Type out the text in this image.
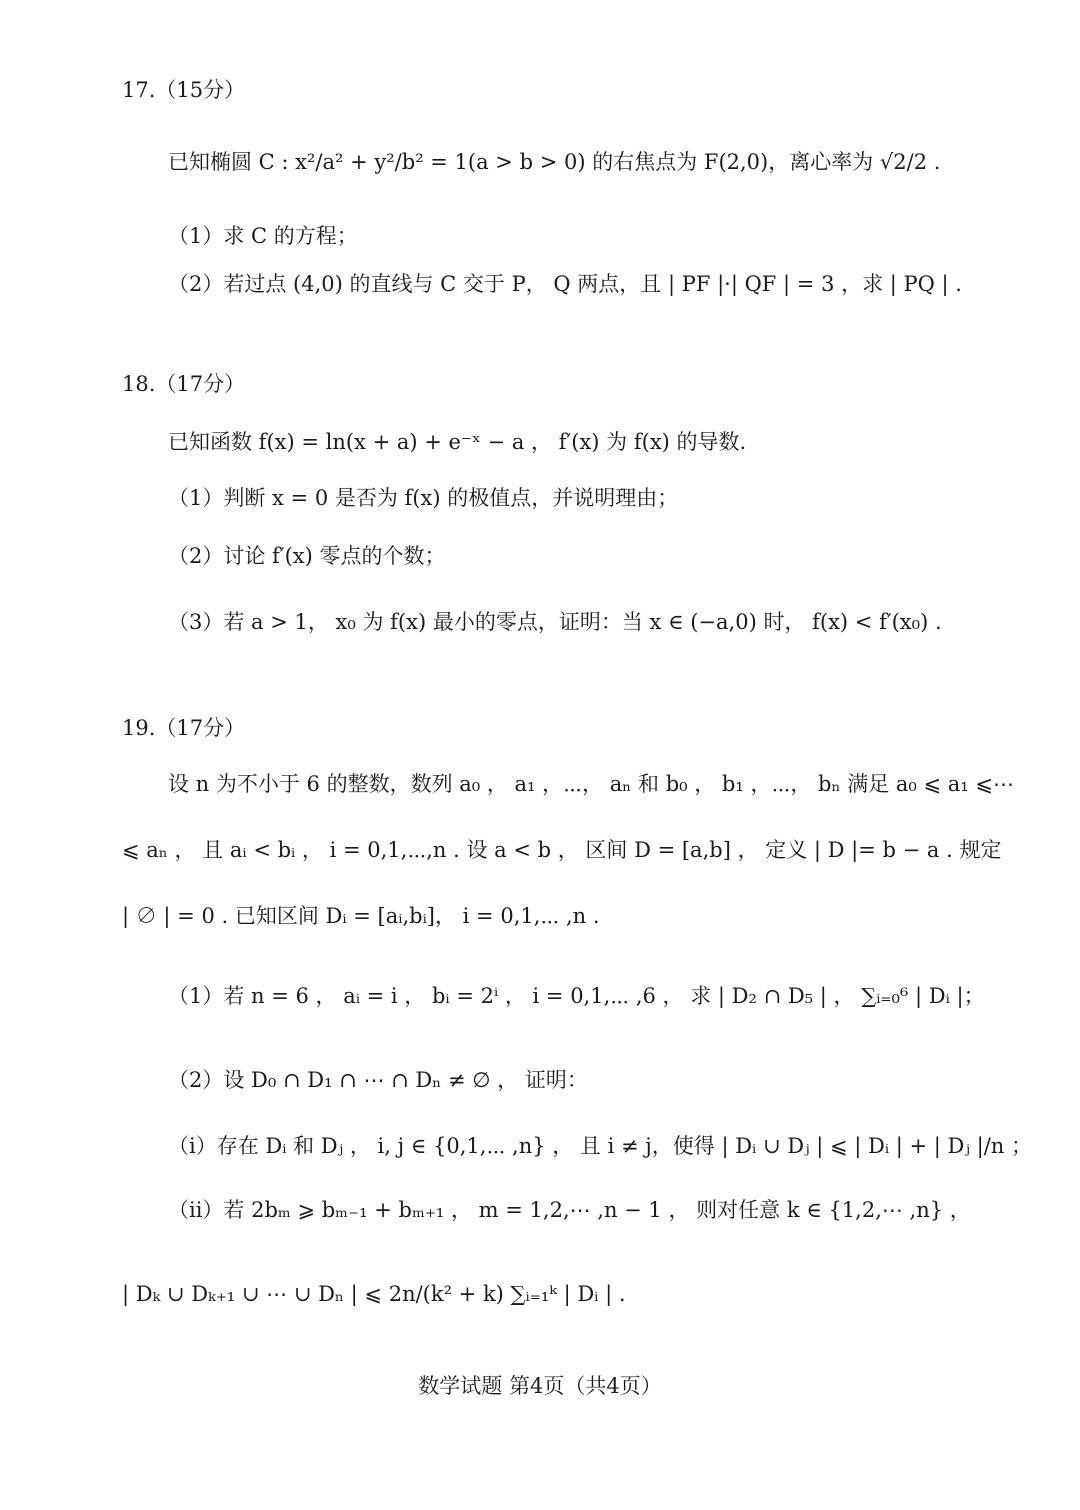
17.（15分）
已知椭圆 C : x²/a² + y²/b² = 1(a > b > 0) 的右焦点为 F(2,0)，离心率为 √2/2 .
（1）求 C 的方程；
（2）若过点 (4,0) 的直线与 C 交于 P， Q 两点，且 | PF |·| QF | = 3 ，求 | PQ | .
18.（17分）
已知函数 f(x) = ln(x + a) + e⁻ˣ − a ， f′(x) 为 f(x) 的导数.
（1）判断 x = 0 是否为 f(x) 的极值点，并说明理由；
（2）讨论 f′(x) 零点的个数；
（3）若 a > 1， x₀ 为 f(x) 最小的零点，证明：当 x ∈ (−a,0) 时， f(x) < f′(x₀) .
19.（17分）
设 n 为不小于 6 的整数，数列 a₀ ， a₁ ，⋯， aₙ 和 b₀ ， b₁ ，⋯， bₙ 满足 a₀ ⩽ a₁ ⩽⋯
⩽ aₙ ， 且 aᵢ < bᵢ ， i = 0,1,⋯,n . 设 a < b ， 区间 D = [a,b] ， 定义 | D |= b − a . 规定
| ∅ | = 0 . 已知区间 Dᵢ = [aᵢ,bᵢ]， i = 0,1,⋯ ,n .
（1）若 n = 6 ， aᵢ = i ， bᵢ = 2ⁱ ， i = 0,1,⋯ ,6 ， 求 | D₂ ∩ D₅ | ， ∑ᵢ₌₀⁶ | Dᵢ |；
（2）设 D₀ ∩ D₁ ∩ ⋯ ∩ Dₙ ≠ ∅ ， 证明：
（i）存在 Dᵢ 和 Dⱼ ， i, j ∈ {0,1,⋯ ,n} ， 且 i ≠ j，使得 | Dᵢ ∪ Dⱼ | ⩽ | Dᵢ | + | Dⱼ |/n ；
（ii）若 2bₘ ⩾ bₘ₋₁ + bₘ₊₁ ， m = 1,2,⋯ ,n − 1 ， 则对任意 k ∈ {1,2,⋯ ,n} ，
| Dₖ ∪ Dₖ₊₁ ∪ ⋯ ∪ Dₙ | ⩽ 2n/(k² + k) ∑ᵢ₌₁ᵏ | Dᵢ | .
数学试题 第4页（共4页）
